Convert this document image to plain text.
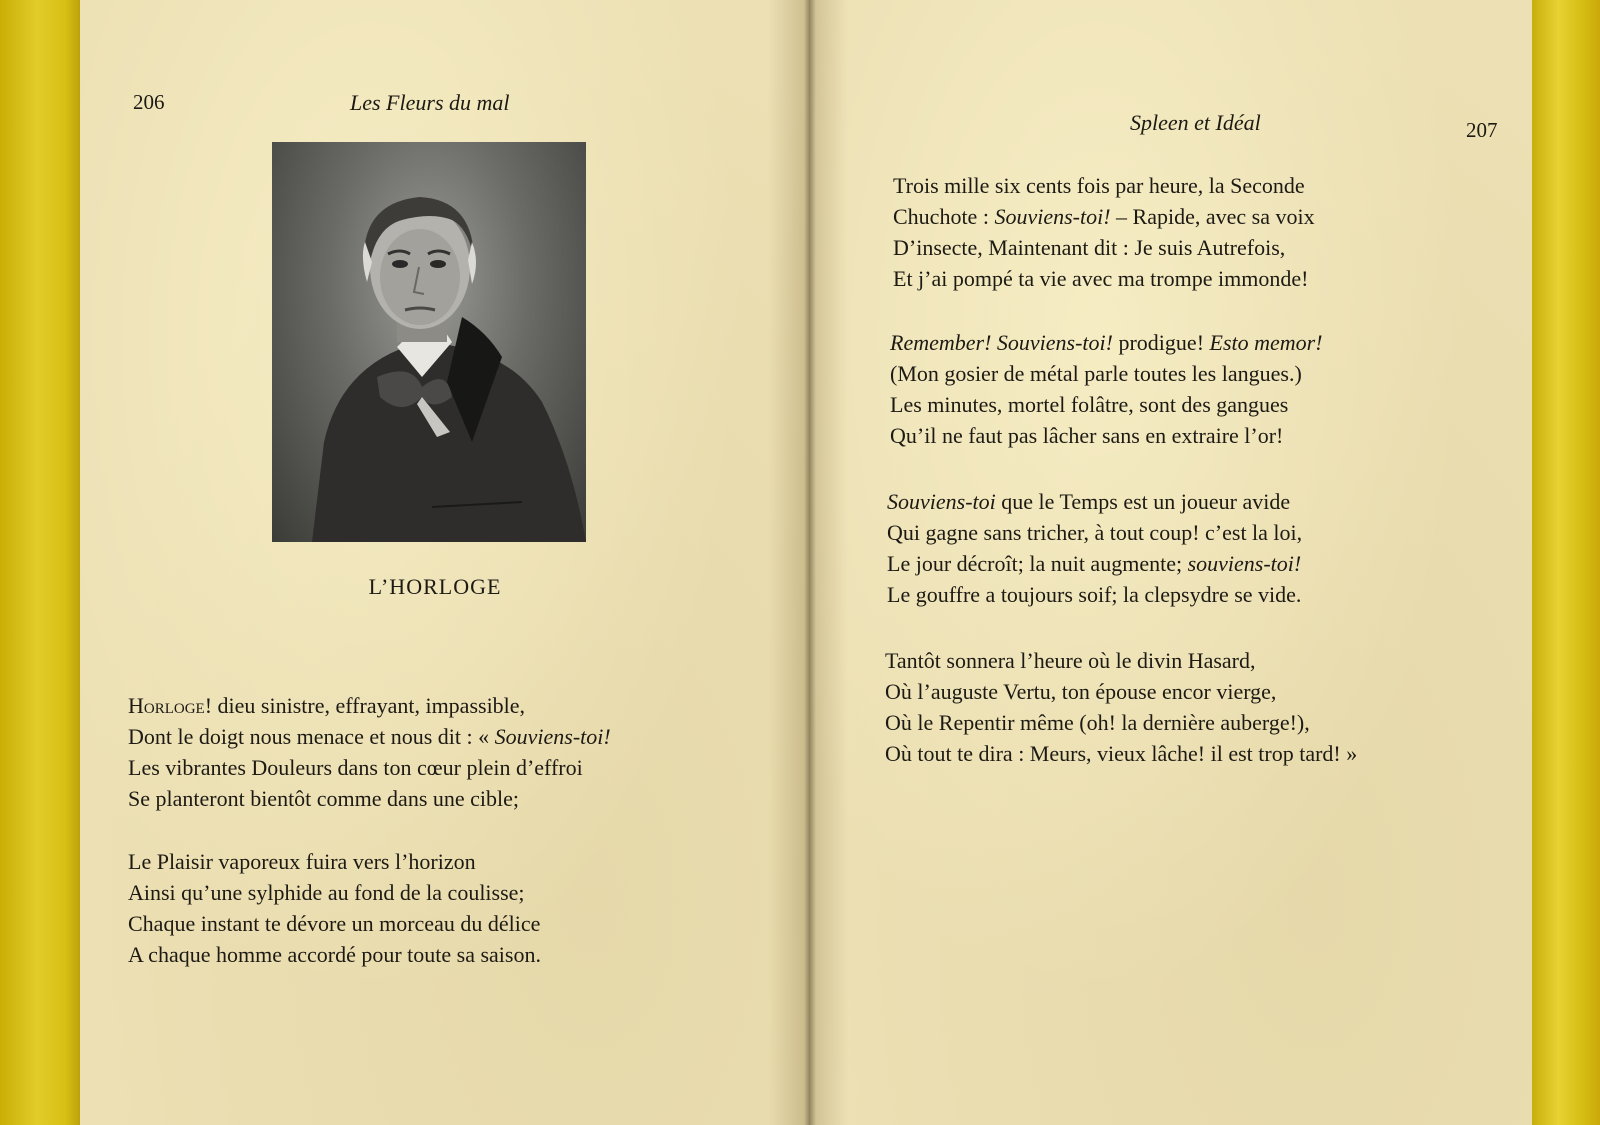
206	Les Fleurs du mal
L’HORLOGE
Horloge! dieu sinistre, effrayant, impassible,
Dont le doigt nous menace et nous dit : « Souviens-toi!
Les vibrantes Douleurs dans ton cœur plein d’effroi
Se planteront bientôt comme dans une cible;
Le Plaisir vaporeux fuira vers l’horizon
Ainsi qu’une sylphide au fond de la coulisse;
Chaque instant te dévore un morceau du délice
A chaque homme accordé pour toute sa saison.
Spleen et Idéal	207
Trois mille six cents fois par heure, la Seconde
Chuchote : Souviens-toi! – Rapide, avec sa voix
D’insecte, Maintenant dit : Je suis Autrefois,
Et j’ai pompé ta vie avec ma trompe immonde!
Remember! Souviens-toi! prodigue! Esto memor!
(Mon gosier de métal parle toutes les langues.)
Les minutes, mortel folâtre, sont des gangues
Qu’il ne faut pas lâcher sans en extraire l’or!
Souviens-toi que le Temps est un joueur avide
Qui gagne sans tricher, à tout coup! c’est la loi,
Le jour décroît; la nuit augmente; souviens-toi!
Le gouffre a toujours soif; la clepsydre se vide.
Tantôt sonnera l’heure où le divin Hasard,
Où l’auguste Vertu, ton épouse encor vierge,
Où le Repentir même (oh! la dernière auberge!),
Où tout te dira : Meurs, vieux lâche! il est trop tard! »
